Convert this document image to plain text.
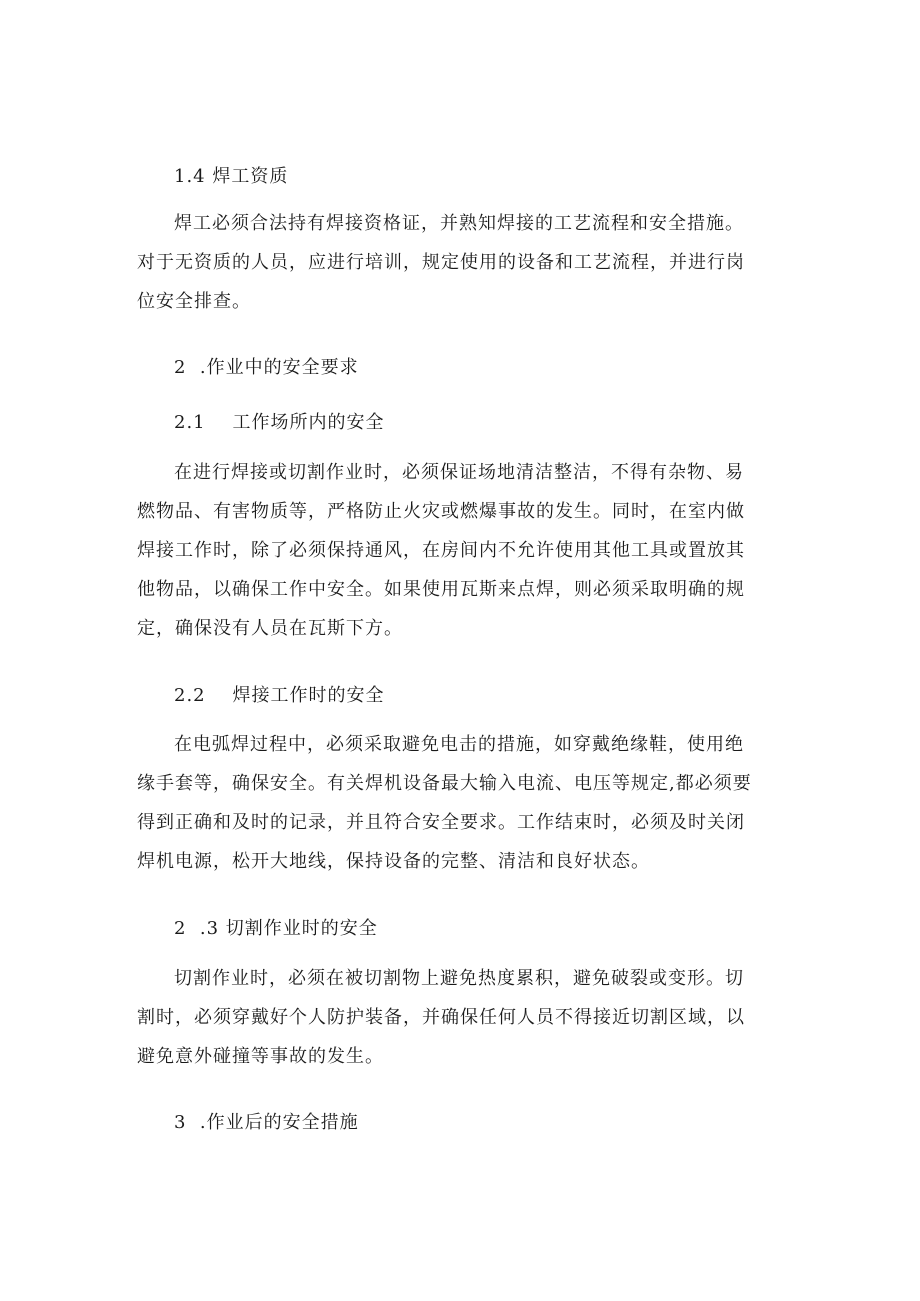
1.4 焊工资质
焊工必须合法持有焊接资格证，并熟知焊接的工艺流程和安全措施。
对于无资质的人员，应进行培训，规定使用的设备和工艺流程，并进行岗
位安全排查。
2  .作业中的安全要求
2.1    工作场所内的安全
在进行焊接或切割作业时，必须保证场地清洁整洁，不得有杂物、易
燃物品、有害物质等，严格防止火灾或燃爆事故的发生。同时，在室内做
焊接工作时，除了必须保持通风，在房间内不允许使用其他工具或置放其
他物品，以确保工作中安全。如果使用瓦斯来点焊，则必须采取明确的规
定，确保没有人员在瓦斯下方。
2.2    焊接工作时的安全
在电弧焊过程中，必须采取避免电击的措施，如穿戴绝缘鞋，使用绝
缘手套等，确保安全。有关焊机设备最大输入电流、电压等规定,都必须要
得到正确和及时的记录，并且符合安全要求。工作结束时，必须及时关闭
焊机电源，松开大地线，保持设备的完整、清洁和良好状态。
2  .3 切割作业时的安全
切割作业时，必须在被切割物上避免热度累积，避免破裂或变形。切
割时，必须穿戴好个人防护装备，并确保任何人员不得接近切割区域，以
避免意外碰撞等事故的发生。
3  .作业后的安全措施
